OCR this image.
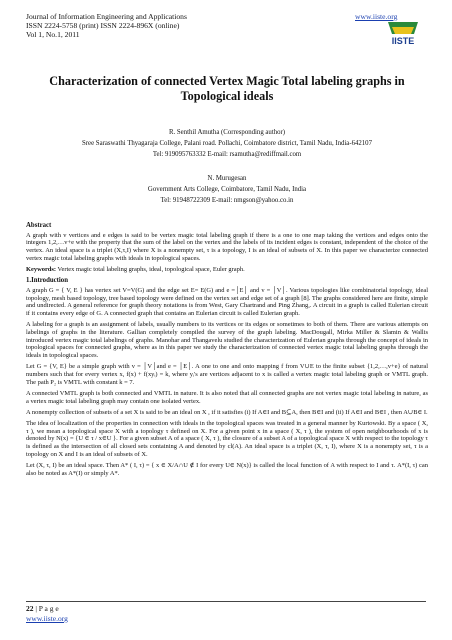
Journal of Information Engineering and Applications
ISSN 2224-5758 (print) ISSN 2224-896X (online)
Vol 1, No.1, 2011
www.iiste.org
IISTE
Characterization of connected Vertex Magic Total labeling graphs in Topological ideals
R. Senthil Amutha (Corresponding author)
Sree Saraswathi Thyagaraja College, Palani road. Pollachi, Coimbatore district, Tamil Nadu, India-642107
Tel: 919095763332 E-mail: rsamutha@rediffmail.com
N. Murugesan
Government Arts College, Coimbatore, Tamil Nadu, India
Tel: 91948722309 E-mail: nmgson@yahoo.co.in
Abstract

A graph with v vertices and e edges is said to be vertex magic total labeling graph if there is a one to one map taking the vertices and edges onto the integers 1,2,…v+e with the property that the sum of the label on the vertex and the labels of its incident edges is constant, independent of the choice of the vertex. An ideal space is a triplet (X,τ,I) where X is a nonempty set, τ is a topology, I is an ideal of subsets of X. In this paper we characterize connected vertex magic total labeling graphs with ideals in topological spaces.

Keywords: Vertex magic total labeling graphs, ideal, topological space, Euler graph.

1.Introduction

A graph G = { V, E } has vertex set V=V(G) and the edge set E= E(G) and e =│E│ and v = │V│. Various topologies like combinatorial topology, ideal topology, mesh based topology, tree based topology were defined on the vertex set and edge set of a graph [8]. The graphs considered here are finite, simple and undirected. A general reference for graph theory notations is from West, Gary Chartrand and Ping Zhang,. A circuit in a graph is called Eulerian circuit if it contains every edge of G. A connected graph that contains an Eulerian circuit is called Eulerian graph.

A labeling for a graph is an assignment of labels, usually numbers to its vertices or its edges or sometimes to both of them. There are various attempts on labelings of graphs in the literature. Gallian completely compiled the survey of the graph labeling. MacDougall, Mirka Miller & Slamin & Wallis introduced vertex magic total labelings of graphs. Manohar and Thangavelu studied the characterization of Eulerian graphs through the concept of ideals in topological spaces for connected graphs, where as in this paper we study the characterization of connected vertex magic total labeling graphs through the ideals in topological spaces.

Let G = {V, E} be a simple graph with v = │V│and e = │E│. A one to one and onto mapping f from V∪E to the finite subset {1,2,…,v+e} of natural numbers such that for every vertex x, f(x) + f(xyᵢ) = k, where yᵢ's are vertices adjacent to x is called a vertex magic total labeling graph or VMTL graph. The path P₂ is VMTL with constant k = 7.

A connected VMTL graph is both connected and VMTL in nature. It is also noted that all connected graphs are not vertex magic total labeling in nature, as a vertex magic total labeling graph may contain one isolated vertex.

A nonempty collection of subsets of a set X is said to be an ideal on X , if it satisfies (i) If A∈I and B⊆A, then B∈I and (ii) If A∈I and B∈I , then A∪B∈ I.

The idea of localization of the properties in connection with ideals in the topological spaces was treated in a general manner by Kurtowski. By a space ( X, τ ), we mean a topological space X with a topology τ defined on X. For a given point x in a space ( X, τ ), the system of open neighbourhoods of x is denoted by N(x) = {U ∈ τ / x∈U }. For a given subset A of a space ( X, τ ), the closure of a subset A of a topological space X with respect to the topology τ is defined as the intersection of all closed sets containing A and denoted by cl(A). An ideal space is a triplet (X, τ, I), where X is a nonempty set, τ is a topology on X and I is an ideal of subsets of X.

Let (X, τ, I) be an ideal space. Then A* ( I, τ) = { x ∈ X/A∩U ∉ I for every U∈ N(x)} is called the local function of A with respect to I and τ. A*(I, τ) can also be noted as A*(I) or simply A*.

22 | P a g e
www.iiste.org
